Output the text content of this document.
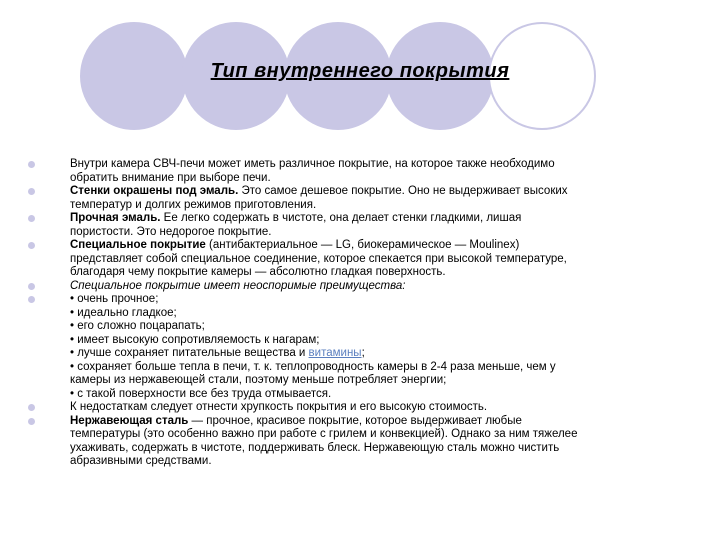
Тип внутреннего покрытия
Внутри камера СВЧ-печи может иметь различное покрытие, на которое также необходимо
обратить внимание при выборе печи.
Стенки окрашены под эмаль. Это самое дешевое покрытие. Оно не выдерживает высоких
температур и долгих режимов приготовления.
Прочная эмаль. Ее легко содержать в чистоте, она делает стенки гладкими, лишая
пористости. Это недорогое покрытие.
Специальное покрытие (антибактериальное — LG, биокерамическое — Moulinex)
представляет собой специальное соединение, которое спекается при высокой температуре,
благодаря чему покрытие камеры — абсолютно гладкая поверхность.
Специальное покрытие имеет неоспоримые преимущества:
• очень прочное;
• идеально гладкое;
• его сложно поцарапать;
• имеет высокую сопротивляемость к нагарам;
• лучше сохраняет питательные вещества и витамины;
• сохраняет больше тепла в печи, т. к. теплопроводность камеры в 2-4 раза меньше, чем у
камеры из нержавеющей стали, поэтому меньше потребляет энергии;
• с такой поверхности все без труда отмывается.
К недостаткам следует отнести хрупкость покрытия и его высокую стоимость.
Нержавеющая сталь — прочное, красивое покрытие, которое выдерживает любые
температуры (это особенно важно при работе с грилем и конвекцией). Однако за ним тяжелее
ухаживать, содержать в чистоте, поддерживать блеск. Нержавеющую сталь можно чистить
абразивными средствами.
